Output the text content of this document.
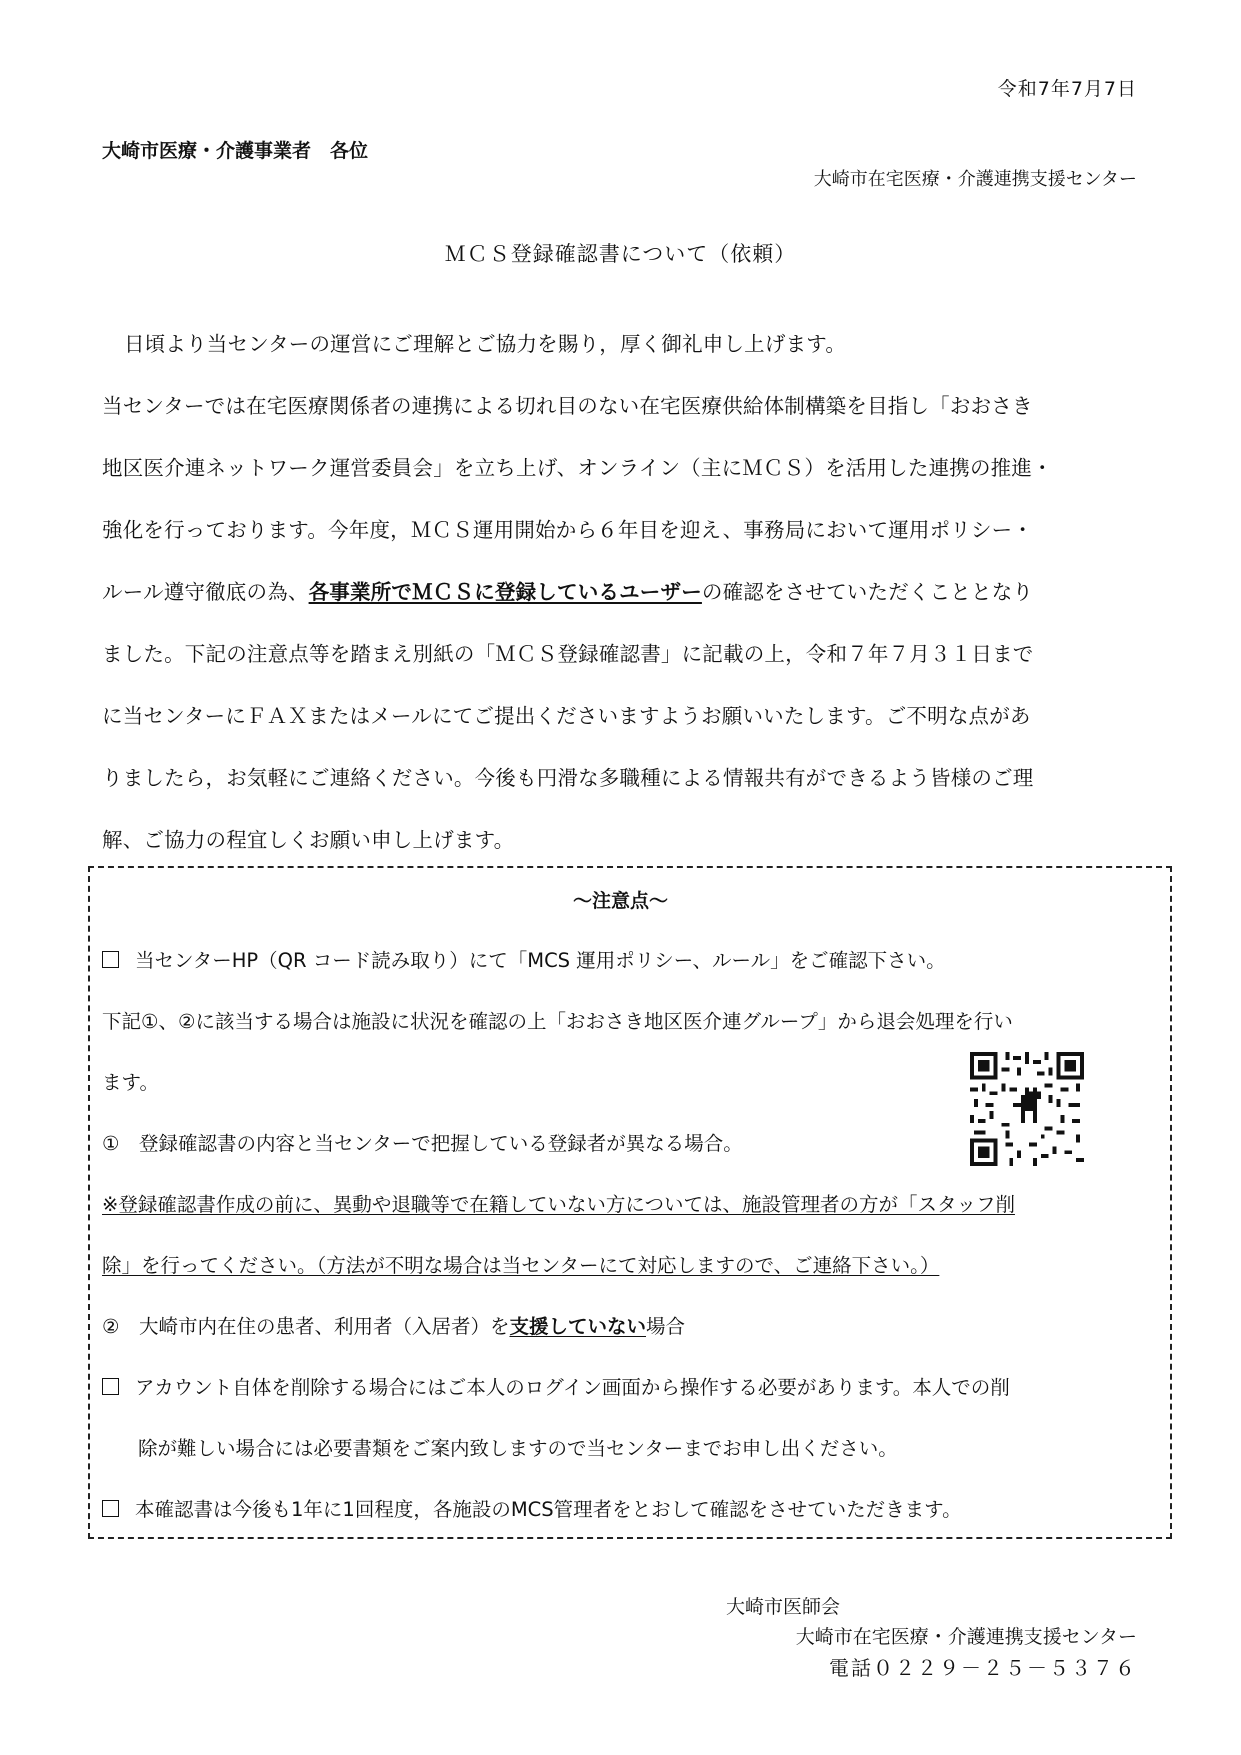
令和7年7月7日
大崎市医療・介護事業者　各位
大崎市在宅医療・介護連携支援センター
ＭＣＳ登録確認書について（依頼）
日頃より当センターの運営にご理解とご協力を賜り，厚く御礼申し上げます。
当センターでは在宅医療関係者の連携による切れ目のない在宅医療供給体制構築を目指し「おおさき
地区医介連ネットワーク運営委員会」を立ち上げ、オンライン（主にＭＣＳ）を活用した連携の推進・
強化を行っております。今年度，ＭＣＳ運用開始から６年目を迎え、事務局において運用ポリシー・
ルール遵守徹底の為、各事業所でＭＣＳに登録しているユーザーの確認をさせていただくこととなり
ました。下記の注意点等を踏まえ別紙の「ＭＣＳ登録確認書」に記載の上，令和７年７月３１日まで
に当センターにＦＡＸまたはメールにてご提出くださいますようお願いいたします。ご不明な点があ
りましたら，お気軽にご連絡ください。今後も円滑な多職種による情報共有ができるよう皆様のご理
解、ご協力の程宜しくお願い申し上げます。
～注意点～
当センターHP（QR コード読み取り）にて「MCS 運用ポリシー、ルール」をご確認下さい。
下記①、②に該当する場合は施設に状況を確認の上「おおさき地区医介連グループ」から退会処理を行い
ます。
①　登録確認書の内容と当センターで把握している登録者が異なる場合。
※登録確認書作成の前に、異動や退職等で在籍していない方については、施設管理者の方が「スタッフ削
除」を行ってください。（方法が不明な場合は当センターにて対応しますので、ご連絡下さい。）
②　大崎市内在住の患者、利用者（入居者）を支援していない場合
アカウント自体を削除する場合にはご本人のログイン画面から操作する必要があります。本人での削
除が難しい場合には必要書類をご案内致しますので当センターまでお申し出ください。
本確認書は今後も1年に1回程度，各施設のMCS管理者をとおして確認をさせていただきます。
大崎市医師会
大崎市在宅医療・介護連携支援センター
電話０２２９－２５－５３７６
